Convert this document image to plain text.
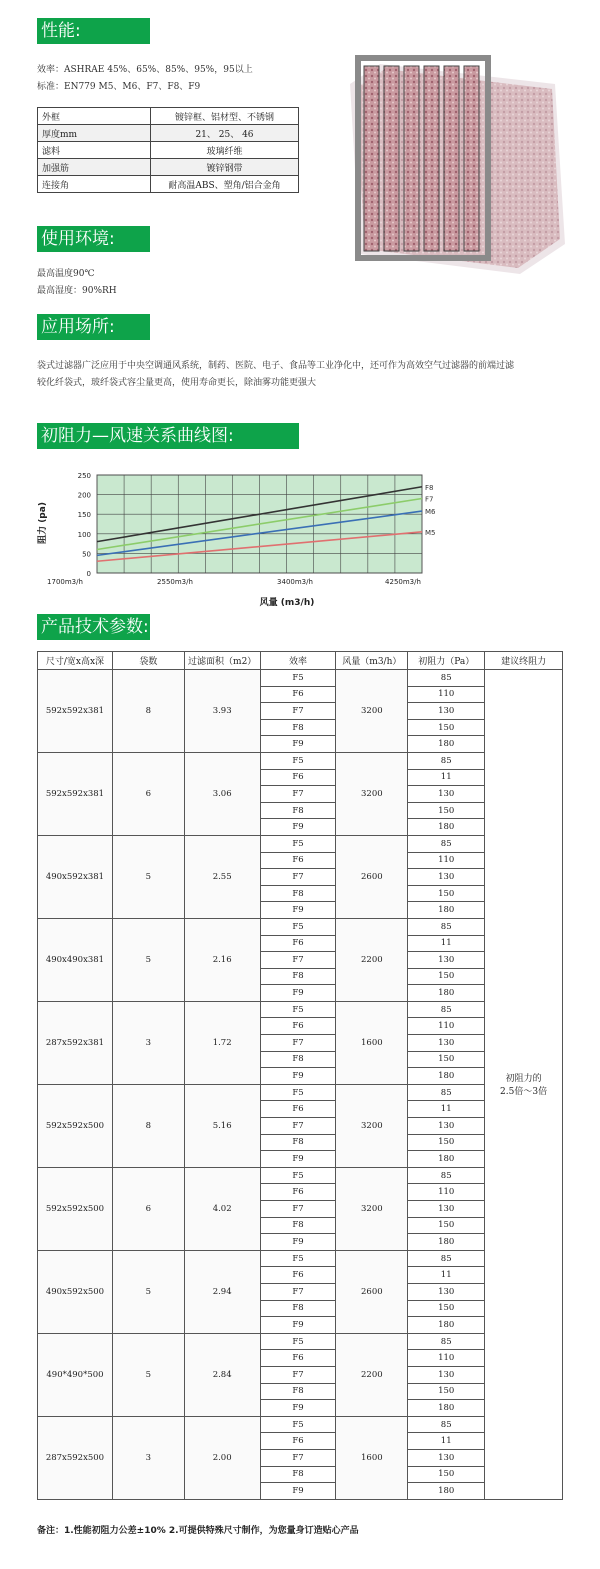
性能:
效率：ASHRAE 45%、65%、85%、95%，95以上
标准：EN779 M5、M6、F7、F8、F9
外框	镀锌框、铝材型、不锈钢
厚度mm	21、 25、 46
滤料	玻璃纤维
加强筋	镀锌钢带
连接角	耐高温ABS、塑角/铝合金角
使用环境:
最高温度90℃
最高湿度：90%RH
应用场所:
袋式过滤器广泛应用于中央空调通风系统，制药、医院、电子、食品等工业净化中，还可作为高效空气过滤器的前端过滤
较化纤袋式，玻纤袋式容尘量更高，使用寿命更长，除油雾功能更强大
初阻力—风速关系曲线图:
0
50
100
150
200
250
1700m3/h	2550m3/h	3400m3/h	4250m3/h
F8
F7
M6
M5
风量 (m3/h)
阻力 (pa)
产品技术参数:
尺寸/宽x高x深	袋数	过滤面积（m2）	效率	风量（m3/h）	初阻力（Pa）	建议终阻力
592x592x381	8	3.93	F5	3200	85	初阻力的
2.5倍～3倍

			F6		110	
			F7		130	
			F8		150	
			F9		180	
592x592x381	6	3.06	F5	3200	85	
			F6		11	
			F7		130	
			F8		150	
			F9		180	
490x592x381	5	2.55	F5	2600	85	
			F6		110	
			F7		130	
			F8		150	
			F9		180	
490x490x381	5	2.16	F5	2200	85	
			F6		11	
			F7		130	
			F8		150	
			F9		180	
287x592x381	3	1.72	F5	1600	85	
			F6		110	
			F7		130	
			F8		150	
			F9		180	
592x592x500	8	5.16	F5	3200	85	
			F6		11	
			F7		130	
			F8		150	
			F9		180	
592x592x500	6	4.02	F5	3200	85	
			F6		110	
			F7		130	
			F8		150	
			F9		180	
490x592x500	5	2.94	F5	2600	85	
			F6		11	
			F7		130	
			F8		150	
			F9		180	
490*490*500	5	2.84	F5	2200	85	
			F6		110	
			F7		130	
			F8		150	
			F9		180	
287x592x500	3	2.00	F5	1600	85	
			F6		11	
			F7		130	
			F8		150	
			F9		180	
备注：1.性能初阻力公差±10% 2.可提供特殊尺寸制作，为您量身订造贴心产品
